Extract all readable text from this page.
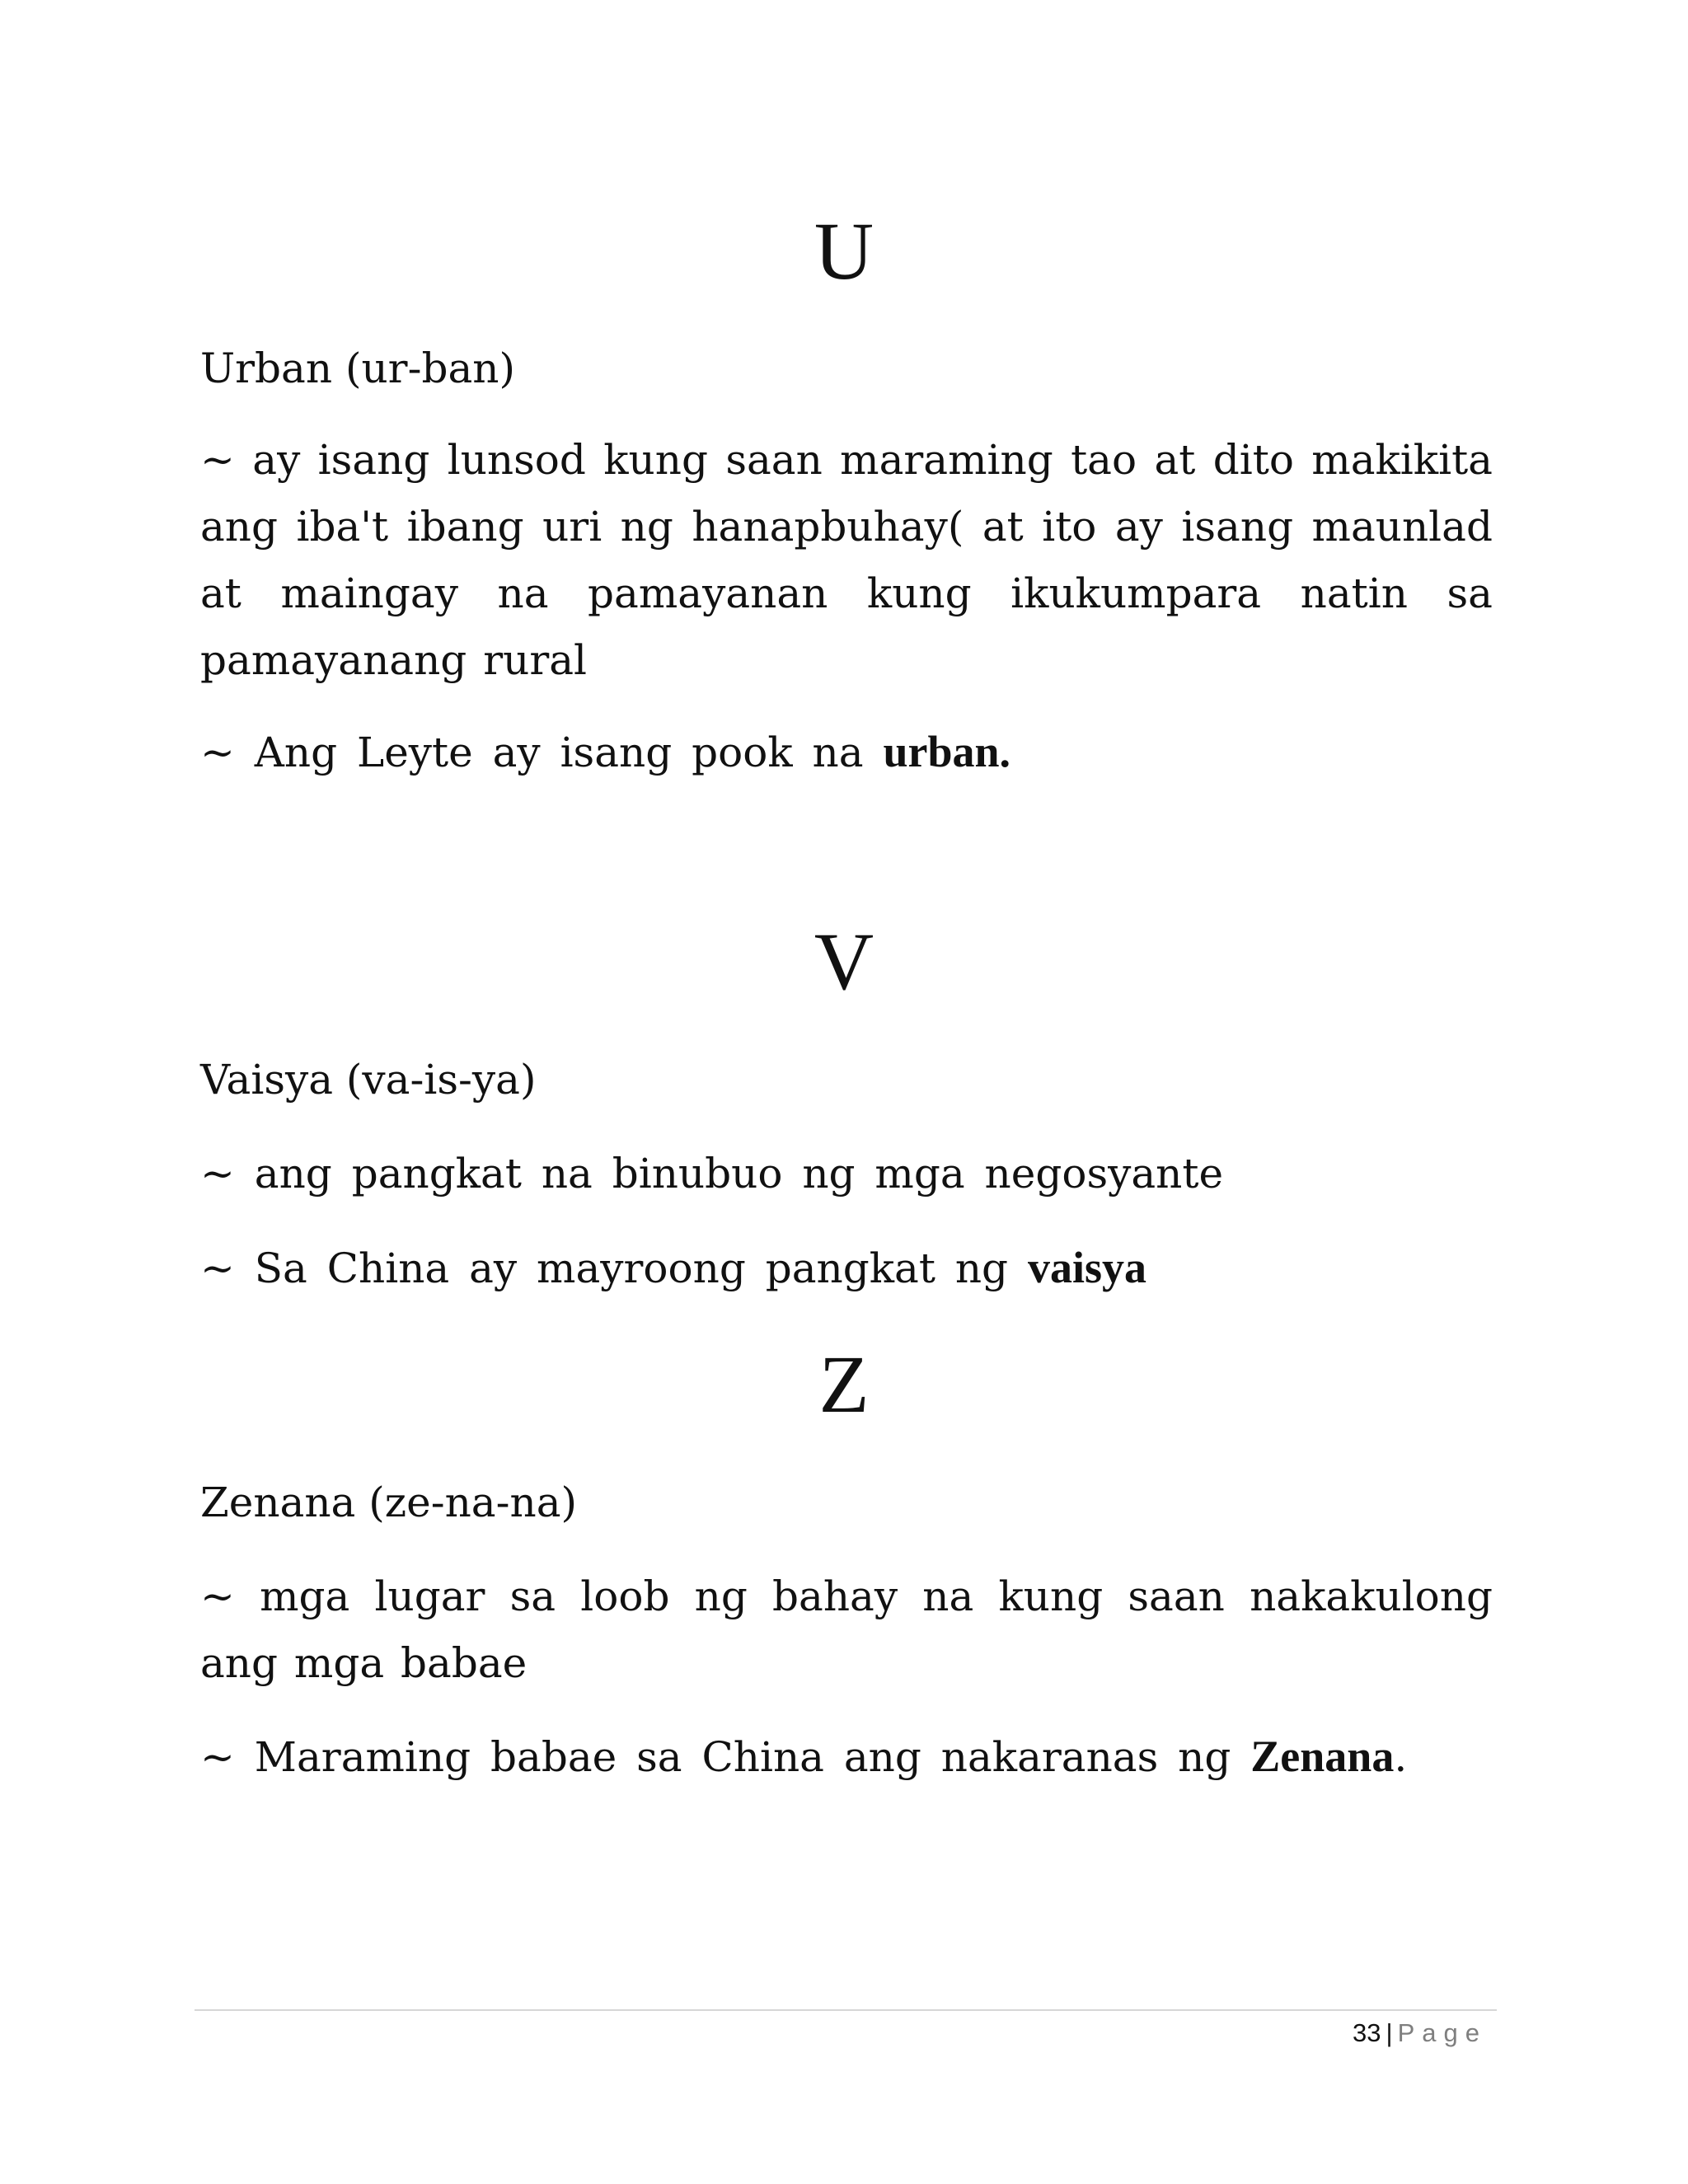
U
Urban (ur-ban)
~ ay isang lunsod kung saan maraming tao at dito makikita ang iba't ibang uri ng hanapbuhay( at ito ay isang maunlad at maingay na pamayanan kung ikukumpara natin sa pamayanang rural
~ Ang Leyte ay isang pook na urban.
V
Vaisya (va-is-ya)
~ ang pangkat na binubuo ng mga negosyante
~ Sa China ay mayroong pangkat ng vaisya
Z
Zenana (ze-na-na)
~ mga lugar sa loob ng bahay na kung saan nakakulong ang mga babae
~ Maraming babae sa China ang nakaranas ng Zenana.
33 | Page
